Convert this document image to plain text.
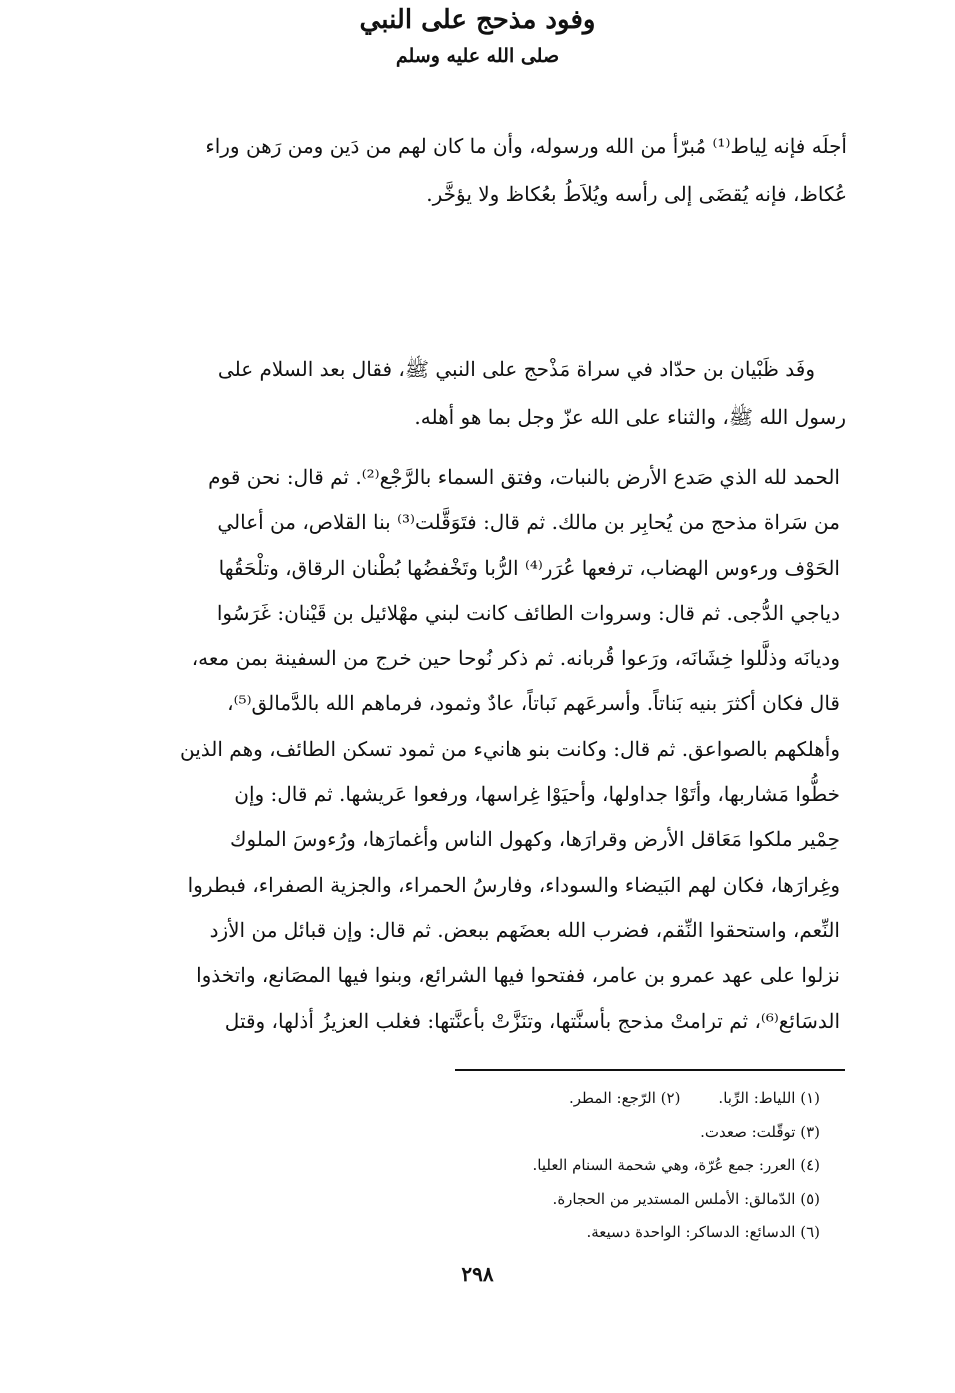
أجلَه فإنه لِياط⁽¹⁾ مُبرّأ من الله ورسوله، وأن ما كان لهم من دَين ومن رَهن وراء
عُكاظ، فإنه يُقضَى إلى رأسه ويُلاَطُ بعُكاظ ولا يؤخَّر.
وفود مذحج على النبي
صلى الله عليه وسلم
وفَد ظَبْيان بن حدّاد في سراة مَذْحج على النبي ﷺ، فقال بعد السلام على
رسول الله ﷺ، والثناء على الله عزّ وجل بما هو أهله.
الحمد لله الذي صَدع الأرض بالنبات، وفتق السماء بالرَّجْع⁽²⁾. ثم قال: نحن قوم
من سَراة مذحج من يُحابِر بن مالك. ثم قال: فتَوَقَّلت⁽³⁾ بنا القلاص، من أعالي
الحَوْف ورءوس الهضاب، ترفعها عُرَر⁽⁴⁾ الرُّبا وتَخْفضُها بُطْنان الرقاق، وتلْحَقُها
دياجي الدُّجى. ثم قال: وسروات الطائف كانت لبني مهْلائيل بن قَيْنان: غَرَسُوا
وديانَه وذلَّلوا خِشَانَه، ورَعوا قُربانه. ثم ذكر نُوحا حين خرج من السفينة بمن معه،
قال فكان أكثرَ بنيه بَناتاً. وأسرعَهم نَباتاً، عادٌ وثمود، فرماهم الله بالدَّمالق⁽⁵⁾،
وأهلكهم بالصواعق. ثم قال: وكانت بنو هانيء من ثمود تسكن الطائف، وهم الذين
خطُّوا مَشاربها، وأتَوْا جداولها، وأحيَوْا غِراسها، ورفعوا عَريشها. ثم قال: وإن
حِمْير ملكوا مَعَاقل الأرض وقرارَها، وكهول الناس وأغمارَها، ورُءوسَ الملوك
وغِرارَها، فكان لهم البَيضاء والسوداء، وفارسُ الحمراء، والجزية الصفراء، فبطروا
النِّعم، واستحقوا النِّقم، فضرب الله بعضَهم ببعض. ثم قال: وإن قبائل من الأزد
نزلوا على عهد عمرو بن عامر، ففتحوا فيها الشرائع، وبنوا فيها المصَانع، واتخذوا
الدسَائع⁽⁶⁾، ثم ترامتْ مذحج بأسنَّتها، وتنَزَّتْ بأعنَّتها: فغلب العزيزُ أذلها، وقتل
(١) اللياط: الرِّبا.(٢) الرّجع: المطر.
(٣) توقّلت: صعدت.
(٤) العرر: جمع عُرّة، وهي شحمة السنام العليا.
(٥) الدّمالق: الأملس المستدير من الحجارة.
(٦) الدسائع: الدساكر: الواحدة دسيعة.
٢٩٨
